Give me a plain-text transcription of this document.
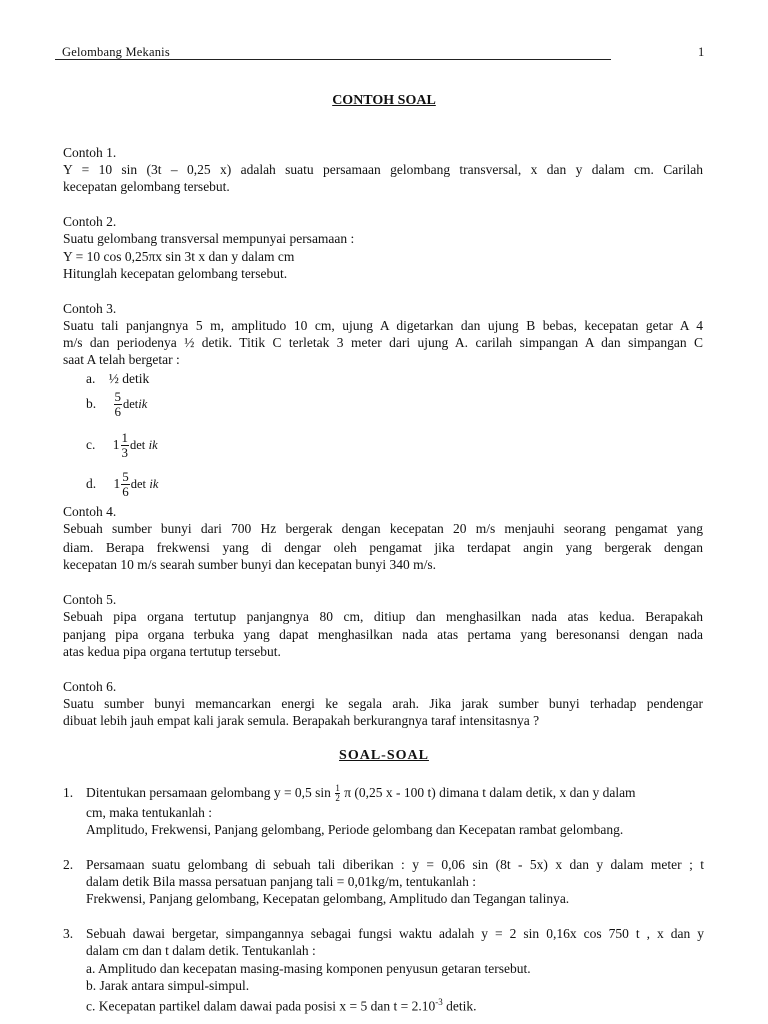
Gelombang Mekanis	1
CONTOH SOAL
Contoh 1.
Y = 10 sin (3t – 0,25 x) adalah suatu persamaan gelombang transversal, x dan y dalam cm. Carilah
kecepatan gelombang tersebut.
Contoh 2.
Suatu gelombang transversal mempunyai persamaan :
Y = 10 cos 0,25πx sin 3t x dan y dalam cm
Hitunglah kecepatan gelombang tersebut.
Contoh 3.
Suatu tali panjangnya 5 m, amplitudo 10 cm, ujung A digetarkan dan ujung B bebas, kecepatan getar A 4
m/s dan periodenya ½ detik. Titik C terletak 3 meter dari ujung A. carilah simpangan A dan simpangan C
saat A telah bergetar :
a. ½ detik
b. $\frac{5}{6}$ detik
c. $1 \frac{1}{3}$ det ik
d. $1 \frac{5}{6}$ det ik
Contoh 4.
Sebuah sumber bunyi dari 700 Hz bergerak dengan kecepatan 20 m/s menjauhi seorang pengamat yang
diam. Berapa frekwensi yang di dengar oleh pengamat jika terdapat angin yang bergerak dengan
kecepatan 10 m/s searah sumber bunyi dan kecepatan bunyi 340 m/s.
Contoh 5.
Sebuah pipa organa tertutup panjangnya 80 cm, ditiup dan menghasilkan nada atas kedua. Berapakah
panjang pipa organa terbuka yang dapat menghasilkan nada atas pertama yang beresonansi dengan nada
atas kedua pipa organa tertutup tersebut.
Contoh 6.
Suatu sumber bunyi memancarkan energi ke segala arah. Jika jarak sumber bunyi terhadap pendengar
dibuat lebih jauh empat kali jarak semula. Berapakah berkurangnya taraf intensitasnya ?
SOAL-SOAL
1. Ditentukan persamaan gelombang y = 0,5 $\sin \frac{1}{2}$ π (0,25 x - 100 t) dimana t dalam detik, x dan y dalam
cm, maka tentukanlah :
Amplitudo, Frekwensi, Panjang gelombang, Periode gelombang dan Kecepatan rambat gelombang.
2. Persamaan suatu gelombang di sebuah tali diberikan : y = 0,06 sin (8t - 5x) x dan y dalam meter ; t
dalam detik Bila massa persatuan panjang tali = 0,01kg/m, tentukanlah :
Frekwensi, Panjang gelombang, Kecepatan gelombang, Amplitudo dan Tegangan talinya.
3. Sebuah dawai bergetar, simpangannya sebagai fungsi waktu adalah y = 2 sin 0,16x cos 750 t , x dan y
dalam cm dan t dalam detik. Tentukanlah :
a. Amplitudo dan kecepatan masing-masing komponen penyusun getaran tersebut.
b. Jarak antara simpul-simpul.
c. Kecepatan partikel dalam dawai pada posisi x = 5 dan $t = 2.10^{-3}$ detik.
